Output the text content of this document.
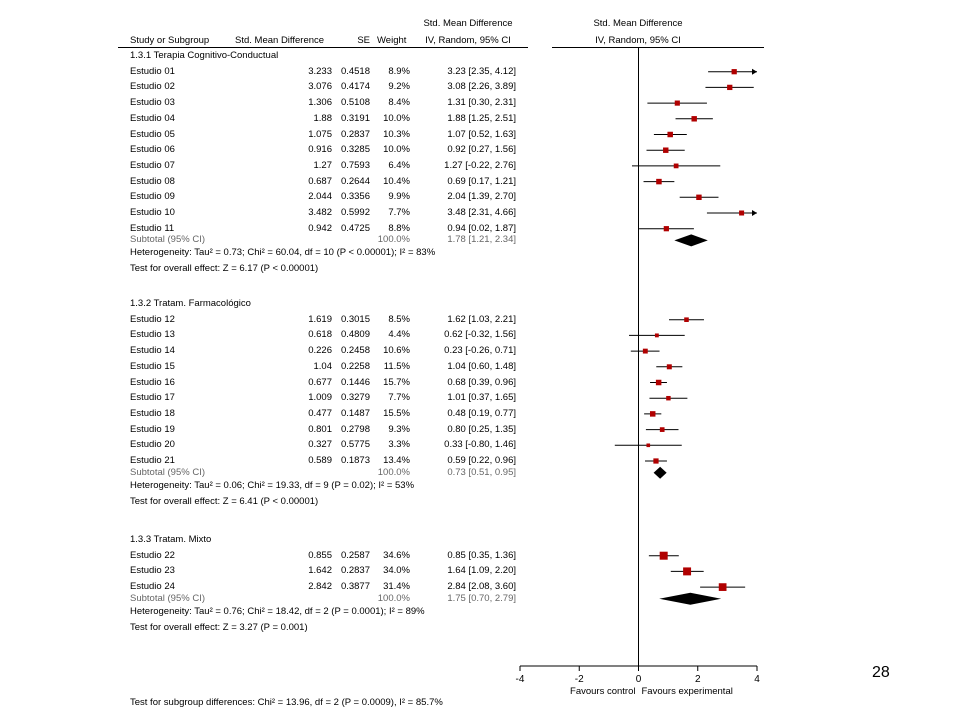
Std. Mean Difference
Study or Subgroup	Std. Mean Difference	SE Weight	IV, Random, 95% CI
Std. Mean Difference
IV, Random, 95% CI
1.3.1 Terapia Cognitivo-Conductual
Estudio 01	3.233 0.4518	8.9%	3.23 [2.35, 4.12]
Estudio 02	3.076 0.4174	9.2%	3.08 [2.26, 3.89]
Estudio 03	1.306 0.5108	8.4%	1.31 [0.30, 2.31]
Estudio 04	1.88 0.3191	10.0%	1.88 [1.25, 2.51]
Estudio 05	1.075 0.2837	10.3%	1.07 [0.52, 1.63]
Estudio 06	0.916 0.3285	10.0%	0.92 [0.27, 1.56]
Estudio 07	1.27 0.7593	6.4%	1.27 [-0.22, 2.76]
Estudio 08	0.687 0.2644	10.4%	0.69 [0.17, 1.21]
Estudio 09	2.044 0.3356	9.9%	2.04 [1.39, 2.70]
Estudio 10	3.482 0.5992	7.7%	3.48 [2.31, 4.66]
Estudio 11	0.942 0.4725	8.8%	0.94 [0.02, 1.87]
Subtotal (95% CI)	100.0%	1.78 [1.21, 2.34]
Heterogeneity: Tau² = 0.73; Chi² = 60.04, df = 10 (P < 0.00001); I² = 83%
Test for overall effect: Z = 6.17 (P < 0.00001)
1.3.2 Tratam. Farmacológico
Estudio 12	1.619 0.3015	8.5%	1.62 [1.03, 2.21]
Estudio 13	0.618 0.4809	4.4%	0.62 [-0.32, 1.56]
Estudio 14	0.226 0.2458	10.6%	0.23 [-0.26, 0.71]
Estudio 15	1.04 0.2258	11.5%	1.04 [0.60, 1.48]
Estudio 16	0.677 0.1446	15.7%	0.68 [0.39, 0.96]
Estudio 17	1.009 0.3279	7.7%	1.01 [0.37, 1.65]
Estudio 18	0.477 0.1487	15.5%	0.48 [0.19, 0.77]
Estudio 19	0.801 0.2798	9.3%	0.80 [0.25, 1.35]
Estudio 20	0.327 0.5775	3.3%	0.33 [-0.80, 1.46]
Estudio 21	0.589 0.1873	13.4%	0.59 [0.22, 0.96]
Subtotal (95% CI)	100.0%	0.73 [0.51, 0.95]
Heterogeneity: Tau² = 0.06; Chi² = 19.33, df = 9 (P = 0.02); I² = 53%
Test for overall effect: Z = 6.41 (P < 0.00001)
1.3.3 Tratam. Mixto
Estudio 22	0.855 0.2587	34.6%	0.85 [0.35, 1.36]
Estudio 23	1.642 0.2837	34.0%	1.64 [1.09, 2.20]
Estudio 24	2.842 0.3877	31.4%	2.84 [2.08, 3.60]
Subtotal (95% CI)	100.0%	1.75 [0.70, 2.79]
Heterogeneity: Tau² = 0.76; Chi² = 18.42, df = 2 (P = 0.0001); I² = 89%
Test for overall effect: Z = 3.27 (P = 0.001)
-4	-2	0	2	4
Favours control Favours experimental
Test for subgroup differences: Chi² = 13.96, df = 2 (P = 0.0009), I² = 85.7%
28
